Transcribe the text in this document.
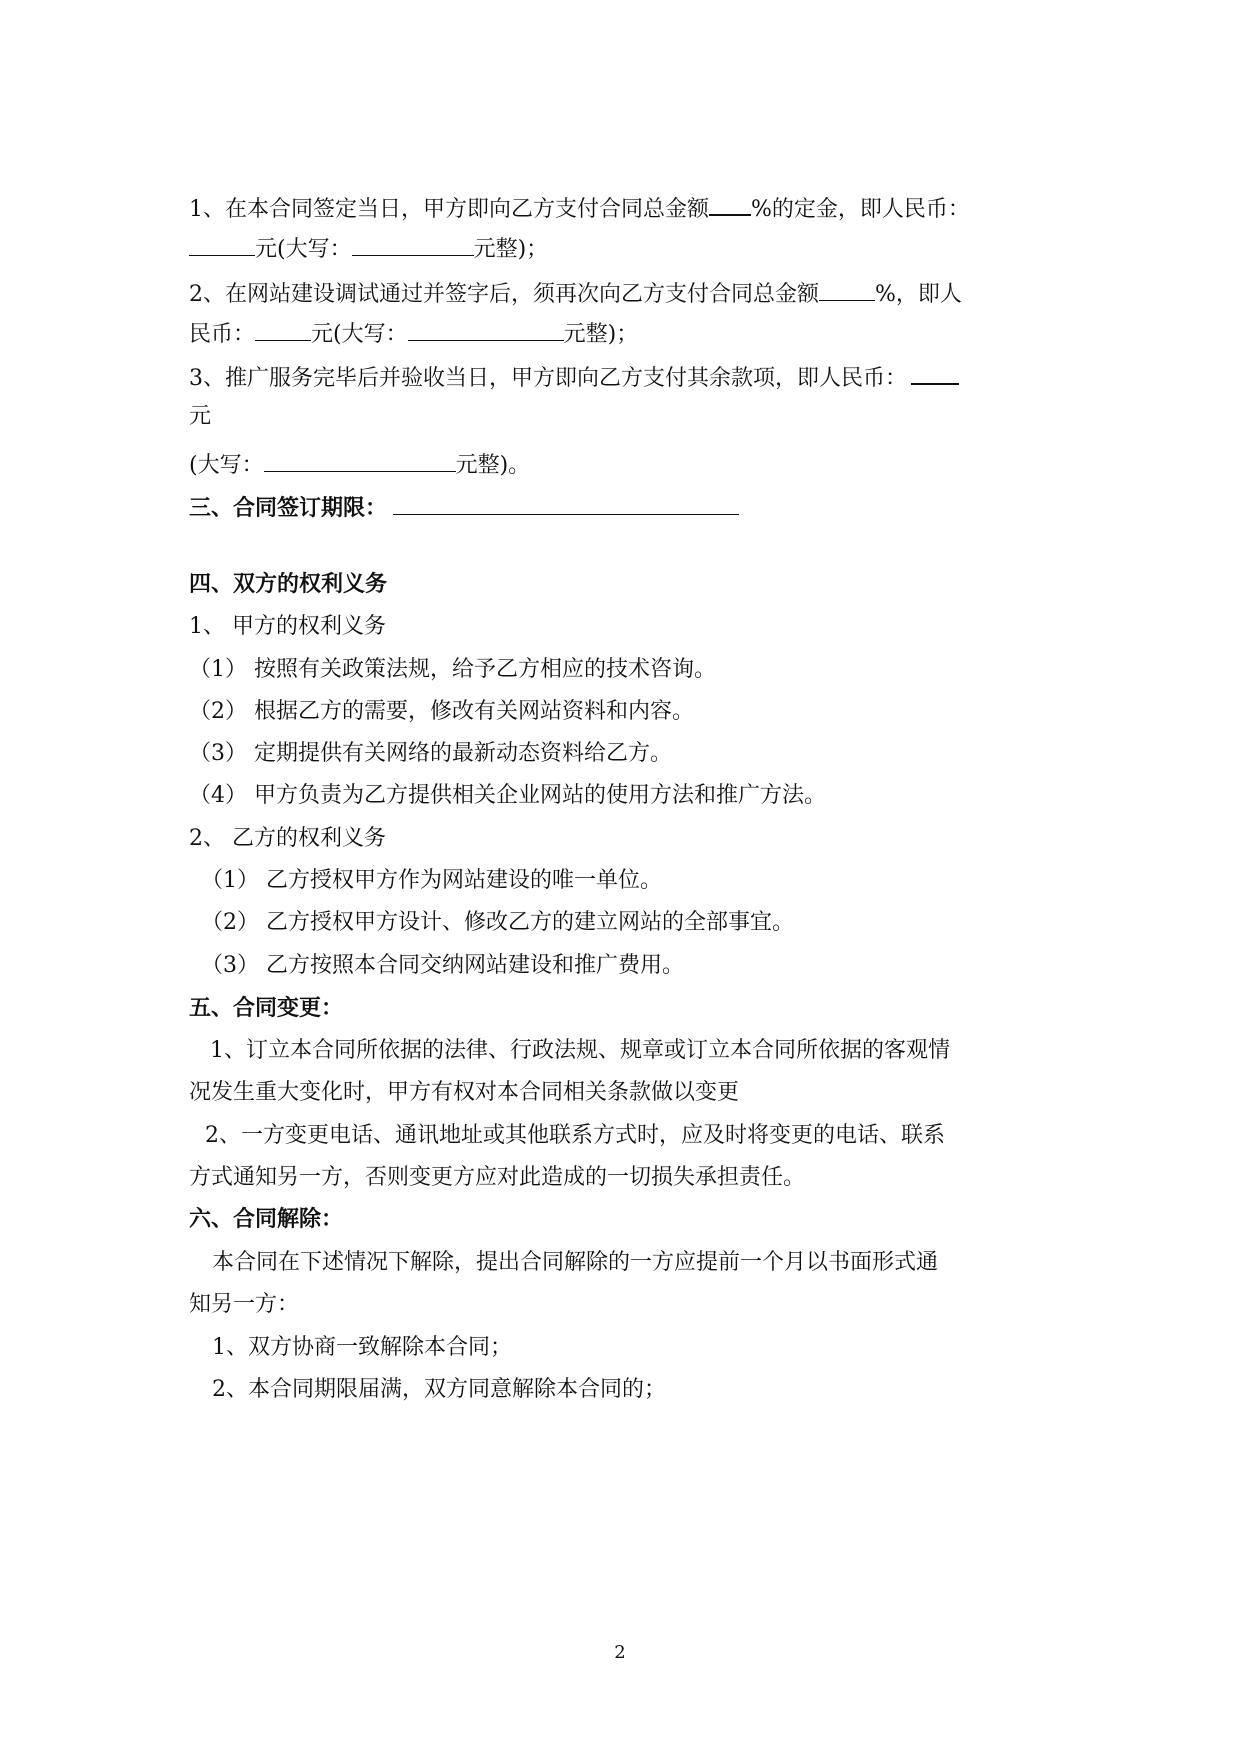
1、在本合同签定当日，甲方即向乙方支付合同总金额 %的定金，即人民币：
元(大写：	元整)；
2、在网站建设调试通过并签字后，须再次向乙方支付合同总金额	%，即人
民币：	元(大写：	元整)；
3、推广服务完毕后并验收当日，甲方即向乙方支付其余款项，即人民币：
元
(大写：	元整)。
三、合同签订期限：
四、双方的权利义务
1、 甲方的权利义务
（1） 按照有关政策法规，给予乙方相应的技术咨询。
（2） 根据乙方的需要，修改有关网站资料和内容。
（3） 定期提供有关网络的最新动态资料给乙方。
（4） 甲方负责为乙方提供相关企业网站的使用方法和推广方法。
2、 乙方的权利义务
（1） 乙方授权甲方作为网站建设的唯一单位。
（2） 乙方授权甲方设计、修改乙方的建立网站的全部事宜。
（3） 乙方按照本合同交纳网站建设和推广费用。
五、合同变更：
1、订立本合同所依据的法律、行政法规、规章或订立本合同所依据的客观情
况发生重大变化时，甲方有权对本合同相关条款做以变更
2、一方变更电话、通讯地址或其他联系方式时，应及时将变更的电话、联系
方式通知另一方，否则变更方应对此造成的一切损失承担责任。
六、合同解除：
本合同在下述情况下解除，提出合同解除的一方应提前一个月以书面形式通
知另一方：
1、双方协商一致解除本合同；
2、本合同期限届满，双方同意解除本合同的；
2
